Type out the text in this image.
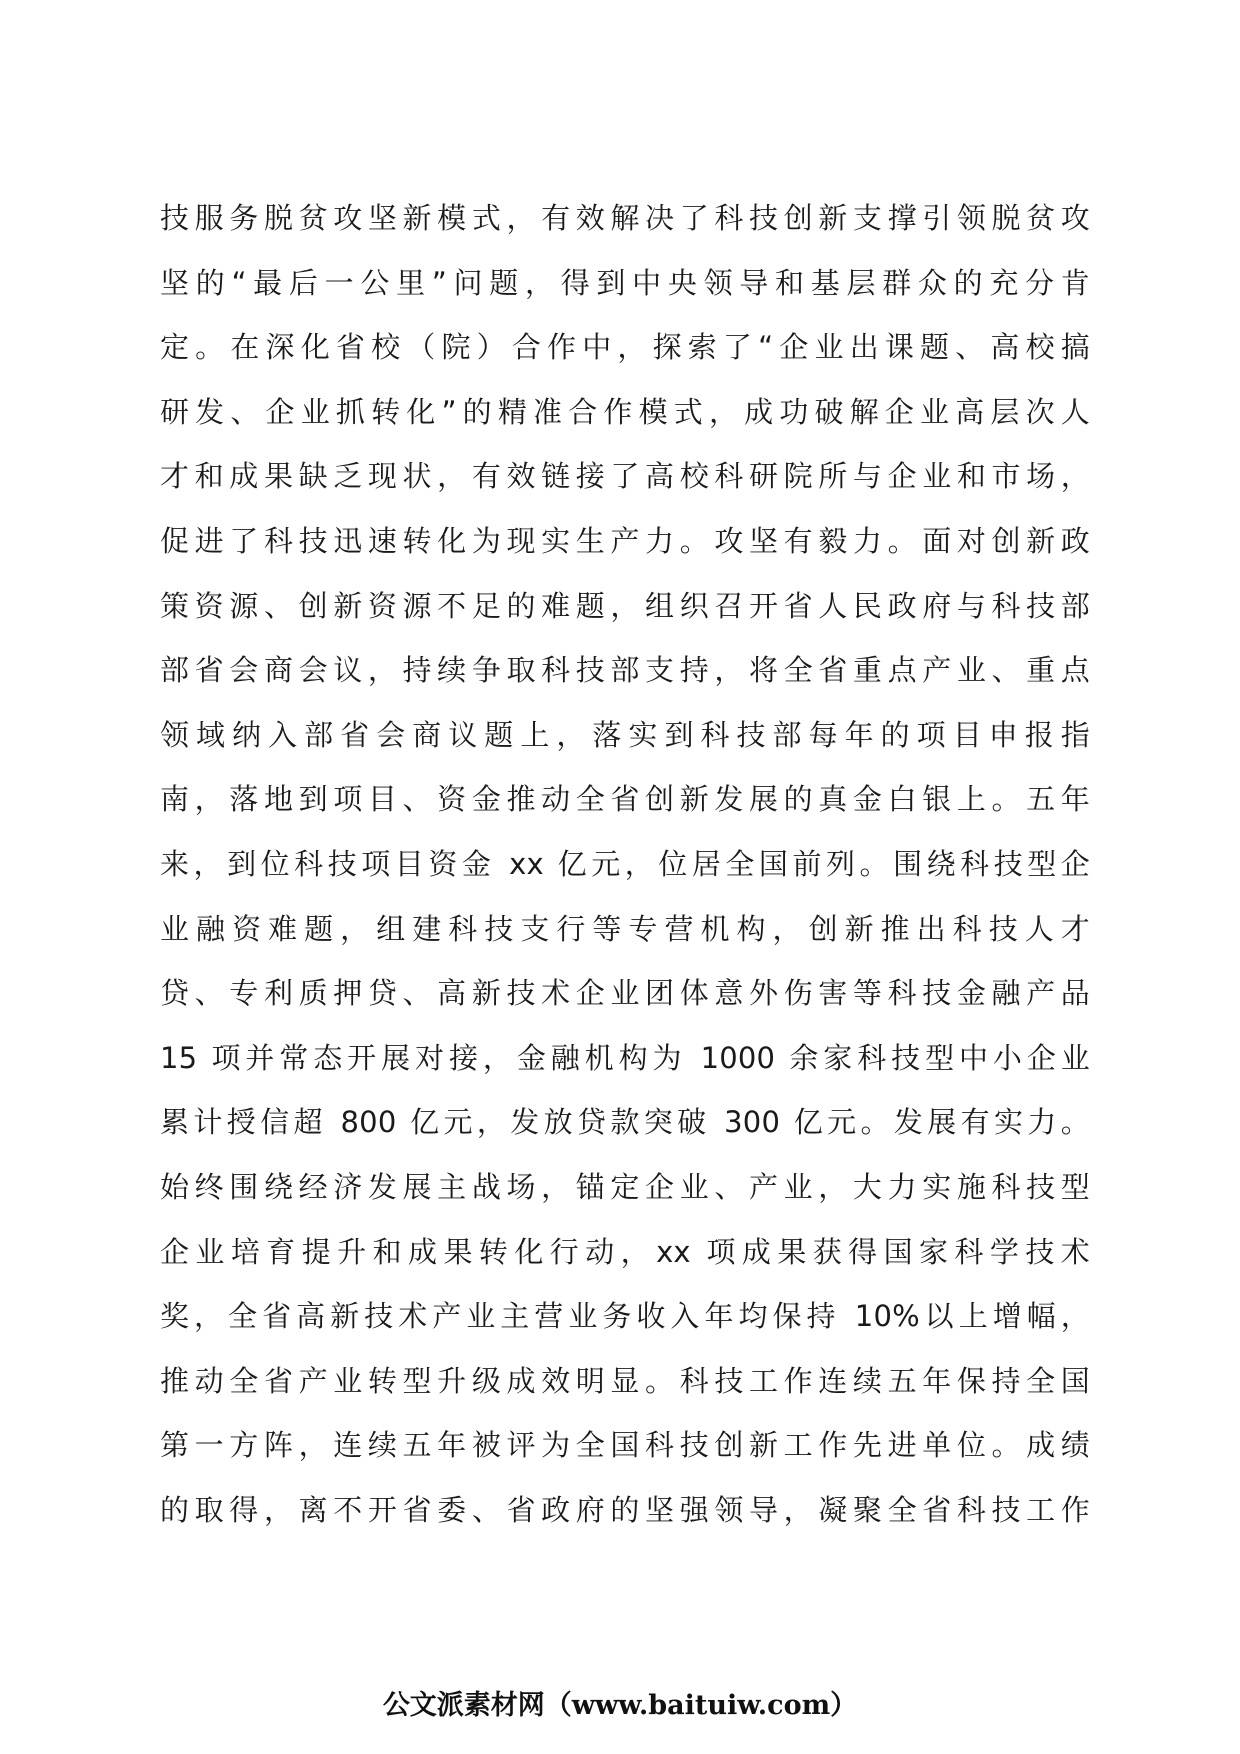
技服务脱贫攻坚新模式，有效解决了科技创新支撑引领脱贫攻
坚的“最后一公里”问题，得到中央领导和基层群众的充分肯
定。在深化省校（院）合作中，探索了“企业出课题、高校搞
研发、企业抓转化”的精准合作模式，成功破解企业高层次人
才和成果缺乏现状，有效链接了高校科研院所与企业和市场，
促进了科技迅速转化为现实生产力。攻坚有毅力。面对创新政
策资源、创新资源不足的难题，组织召开省人民政府与科技部
部省会商会议，持续争取科技部支持，将全省重点产业、重点
领域纳入部省会商议题上，落实到科技部每年的项目申报指
南，落地到项目、资金推动全省创新发展的真金白银上。五年
来，到位科技项目资金 xx 亿元，位居全国前列。围绕科技型企
业融资难题，组建科技支行等专营机构，创新推出科技人才
贷、专利质押贷、高新技术企业团体意外伤害等科技金融产品
15 项并常态开展对接，金融机构为 1000 余家科技型中小企业
累计授信超 800 亿元，发放贷款突破 300 亿元。发展有实力。
始终围绕经济发展主战场，锚定企业、产业，大力实施科技型
企业培育提升和成果转化行动，xx 项成果获得国家科学技术
奖，全省高新技术产业主营业务收入年均保持 10%以上增幅，
推动全省产业转型升级成效明显。科技工作连续五年保持全国
第一方阵，连续五年被评为全国科技创新工作先进单位。成绩
的取得，离不开省委、省政府的坚强领导，凝聚全省科技工作
公文派素材网（www.baituiw.com）
